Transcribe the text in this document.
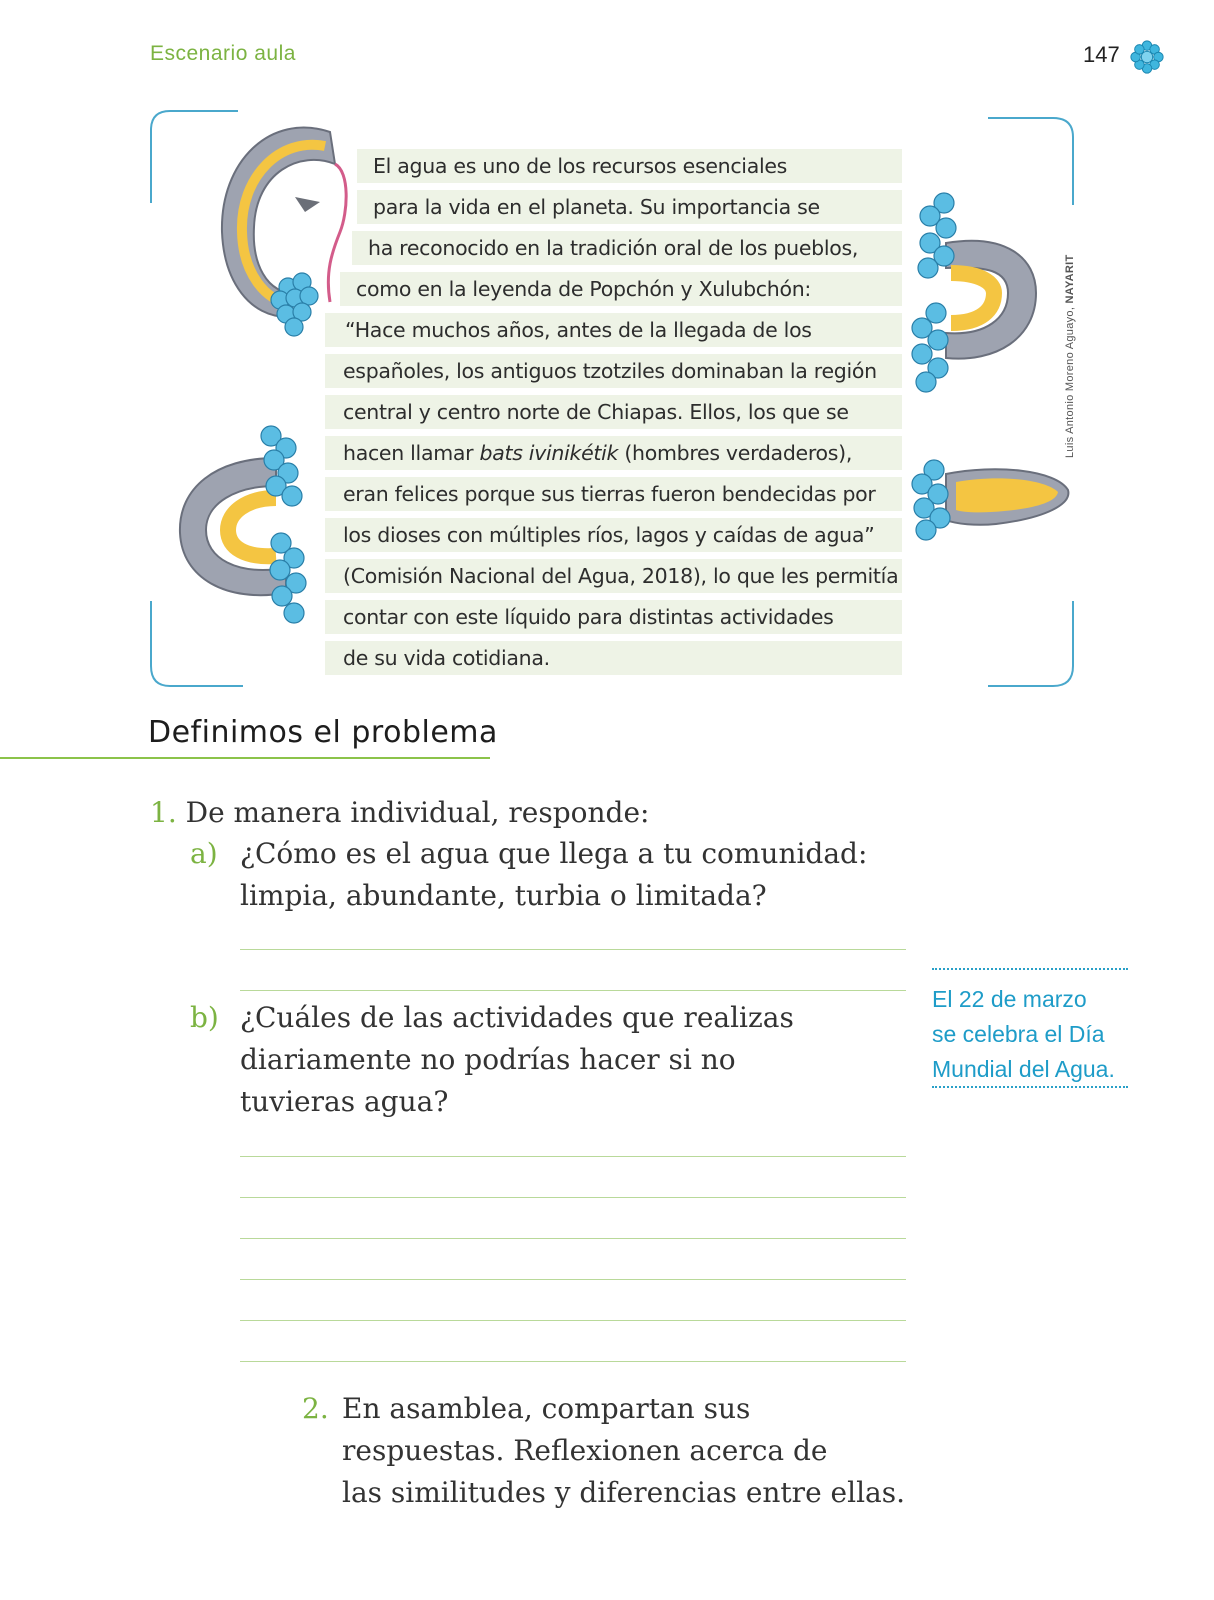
Escenario aula	147
El agua es uno de los recursos esenciales
para la vida en el planeta. Su importancia se
ha reconocido en la tradición oral de los pueblos,
como en la leyenda de Popchón y Xulubchón:
“Hace muchos años, antes de la llegada de los
españoles, los antiguos tzotziles dominaban la región
central y centro norte de Chiapas. Ellos, los que se
hacen llamar bats ivinikétik (hombres verdaderos),
eran felices porque sus tierras fueron bendecidas por
los dioses con múltiples ríos, lagos y caídas de agua”
(Comisión Nacional del Agua, 2018), lo que les permitía
contar con este líquido para distintas actividades
de su vida cotidiana.
Luis Antonio Moreno Aguayo, NAYARIT
Definimos el problema
1. De manera individual, responde:
a) ¿Cómo es el agua que llega a tu comunidad:
limpia, abundante, turbia o limitada?
b) ¿Cuáles de las actividades que realizas
diariamente no podrías hacer si no
tuvieras agua?
2. En asamblea, compartan sus
respuestas. Reflexionen acerca de
las similitudes y diferencias entre ellas.
El 22 de marzo
se celebra el Día
Mundial del Agua.
